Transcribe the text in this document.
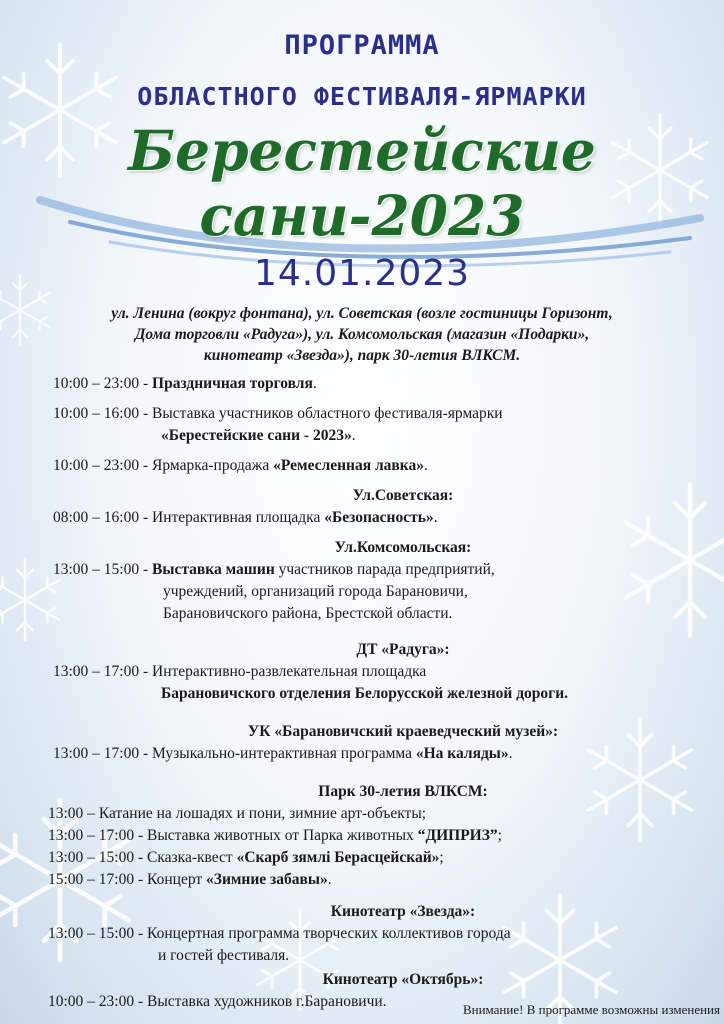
ПРОГРАММА
ОБЛАСТНОГО ФЕСТИВАЛЯ-ЯРМАРКИ
Берестейские сани-2023
14.01.2023
ул. Ленина (вокруг фонтана), ул. Советская (возле гостиницы Горизонт,
Дома торговли «Радуга»), ул. Комсомольская (магазин «Подарки»,
кинотеатр «Звезда»), парк 30-летия ВЛКСМ.
10:00 – 23:00 - Праздничная торговля.
10:00 – 16:00 - Выставка участников областного фестиваля-ярмарки
«Берестейские сани - 2023».
10:00 – 23:00 - Ярмарка-продажа «Ремесленная лавка».
Ул.Советская:
08:00 – 16:00 - Интерактивная площадка «Безопасность».
Ул.Комсомольская:
13:00 – 15:00 - Выставка машин участников парада предприятий,
учреждений, организаций города Барановичи,
Барановичского района, Брестской области.
ДТ «Радуга»:
13:00 – 17:00 - Интерактивно-развлекательная площадка
Барановичского отделения Белорусской железной дороги.
УК «Барановичский краеведческий музей»:
13:00 – 17:00 - Музыкально-интерактивная программа «На каляды».
Парк 30-летия ВЛКСМ:
13:00 – Катание на лошадях и пони, зимние арт-объекты;
13:00 – 17:00 - Выставка животных от Парка животных “ДИПРИЗ”;
13:00 – 15:00 - Сказка-квест «Скарб зямлі Берасцейскай»;
15:00 – 17:00 - Концерт «Зимние забавы».
Кинотеатр «Звезда»:
13:00 – 15:00 - Концертная программа творческих коллективов города
и гостей фестиваля.
Кинотеатр «Октябрь»:
10:00 – 23:00 - Выставка художников г.Барановичи.	Внимание! В программе возможны изменения
